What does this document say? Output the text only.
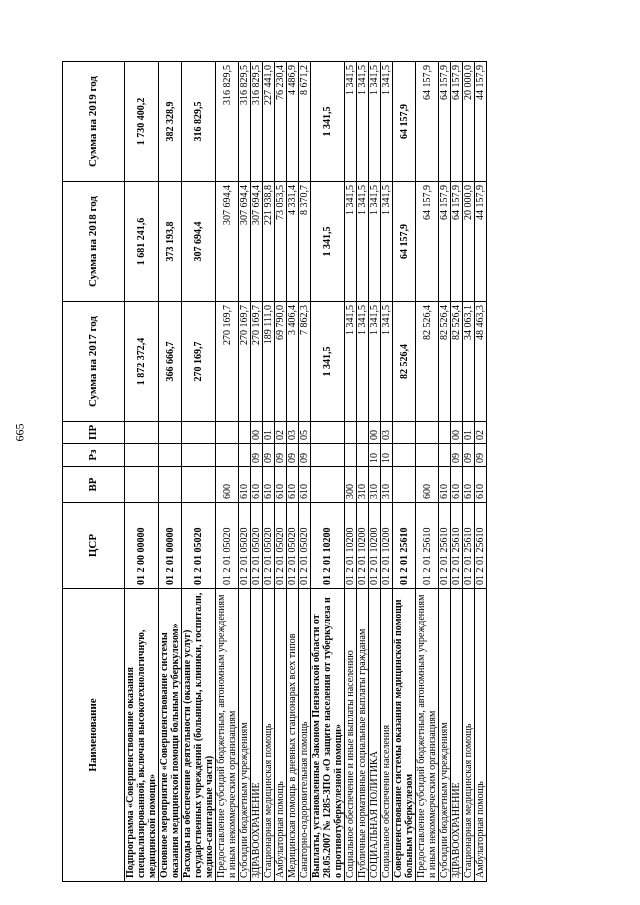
665
Наименование	ЦСР	ВР	Рз	ПР	Сумма на 2017 год	Сумма на 2018 год	Сумма на 2019 год
Подпрограмма «Совершенствование оказания специализированной, включая высокотехнологичную, медицинской помощи»	01 2 00 00000				1 872 372,4	1 681 241,6	1 730 400,2
Основное мероприятие «Совершенствование системы оказания медицинской помощи больным туберкулезом»	01 2 01 00000				366 666,7	373 193,8	382 328,9
Расходы на обеспечение деятельности (оказание услуг) государственных учреждений (больницы, клиники, госпитали, медико-санитарные части)	01 2 01 05020				270 169,7	307 694,4	316 829,5
Предоставление субсидий бюджетным, автономным учреждениям и иным некоммерческим организациям	01 2 01 05020	600			270 169,7	307 694,4	316 829,5
Субсидии бюджетным учреждениям	01 2 01 05020	610			270 169,7	307 694,4	316 829,5
ЗДРАВООХРАНЕНИЕ	01 2 01 05020	610	09	00	270 169,7	307 694,4	316 829,5
Стационарная медицинская помощь	01 2 01 05020	610	09	01	189 111,0	221 938,8	227 441,0
Амбулаторная помощь	01 2 01 05020	610	09	02	69 790,0	73 053,5	76 230,4
Медицинская помощь в дневных стационарах всех типов	01 2 01 05020	610	09	03	3 406,4	4 331,4	4 486,9
Санаторно-оздоровительная помощь	01 2 01 05020	610	09	05	7 862,3	8 370,7	8 671,2
Выплаты, установленные Законом Пензенской области от 28.05.2007 № 1285-ЗПО «О защите населения от туберкулеза и о противотуберкулезной помощи»	01 2 01 10200				1 341,5	1 341,5	1 341,5
Социальное обеспечение и иные выплаты населению	01 2 01 10200	300			1 341,5	1 341,5	1 341,5
Публичные нормативные социальные выплаты гражданам	01 2 01 10200	310			1 341,5	1 341,5	1 341,5
СОЦИАЛЬНАЯ ПОЛИТИКА	01 2 01 10200	310	10	00	1 341,5	1 341,5	1 341,5
Социальное обеспечение населения	01 2 01 10200	310	10	03	1 341,5	1 341,5	1 341,5
Совершенствование системы оказания медицинской помощи больным туберкулезом	01 2 01 25610				82 526,4	64 157,9	64 157,9
Предоставление субсидий бюджетным, автономным учреждениям и иным некоммерческим организациям	01 2 01 25610	600			82 526,4	64 157,9	64 157,9
Субсидии бюджетным учреждениям	01 2 01 25610	610			82 526,4	64 157,9	64 157,9
ЗДРАВООХРАНЕНИЕ	01 2 01 25610	610	09	00	82 526,4	64 157,9	64 157,9
Стационарная медицинская помощь	01 2 01 25610	610	09	01	34 063,1	20 000,0	20 000,0
Амбулаторная помощь	01 2 01 25610	610	09	02	48 463,3	44 157,9	44 157,9
